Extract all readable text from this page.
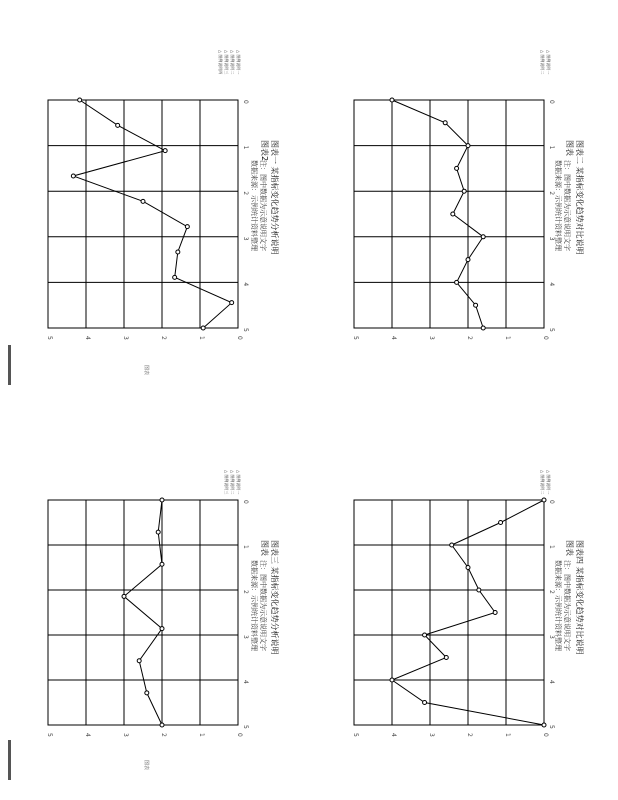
图表
图表
0
1
2
3
4
5
0
1
2
3
4
5
图表一 某指标变化趋势分析说明
图表2
注：图中数据为示意说明文字
数据来源：示例统计资料整理
△ 图例说明一
△ 图例说明二
△ 图例说明三
△ 图例说明四
0
1
2
3
4
5
0
1
2
3
4
5
图表二 某指标变化趋势对比说明
图表
注：图中数据为示意说明文字
数据来源：示例统计资料整理
△ 图例说明一
△ 图例说明二
0
1
2
3
4
5
0
1
2
3
4
5
图表三 某指标变化趋势分析说明
图表
注：图中数据为示意说明文字
数据来源：示例统计资料整理
△ 图例说明一
△ 图例说明二
△ 图例说明三
0
1
2
3
4
5
0
1
2
3
4
5
图表四 某指标变化趋势对比说明
图表
注：图中数据为示意说明文字
数据来源：示例统计资料整理
△ 图例说明一
△ 图例说明二
